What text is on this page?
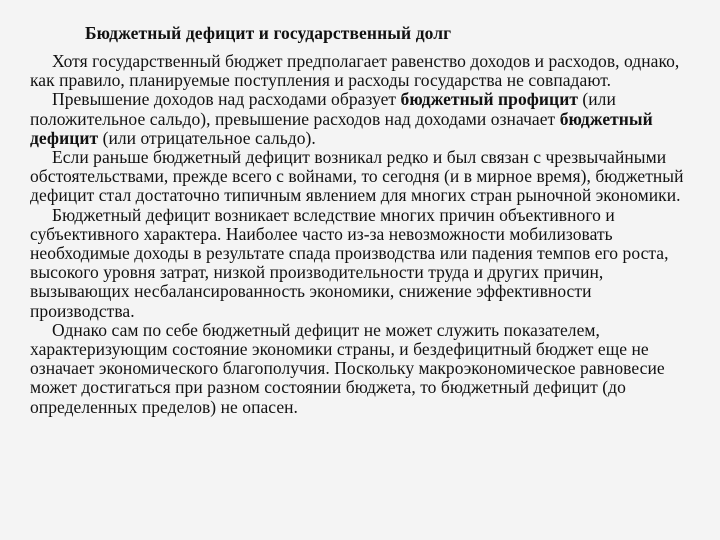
Бюджетный дефицит и государственный долг

Хотя государственный бюджет предполагает равенство доходов и расходов, однако, как правило, планируемые поступления и расходы государства не совпадают.

Превышение доходов над расходами образует бюджетный профицит (или положительное сальдо), превышение расходов над доходами означает бюджетный дефицит (или отрицательное сальдо).

Если раньше бюджетный дефицит возникал редко и был связан с чрезвычайными обстоятельствами, прежде всего с войнами, то сегодня (и в мирное время), бюджетный дефицит стал достаточно типичным явлением для многих стран рыночной экономики.

Бюджетный дефицит возникает вследствие многих причин объективного и субъективного характера. Наиболее часто из-за невозможности мобилизовать необходимые доходы в результате спада производства или падения темпов его роста, высокого уровня затрат, низкой производительности труда и других причин, вызывающих несбалансированность экономики, снижение эффективности производства.

Однако сам по себе бюджетный дефицит не может служить показателем, характеризующим состояние экономики страны, и бездефицитный бюджет еще не означает экономического благополучия. Поскольку макроэкономическое равновесие может достигаться при разном состоянии бюджета, то бюджетный дефицит (до определенных пределов) не опасен.
